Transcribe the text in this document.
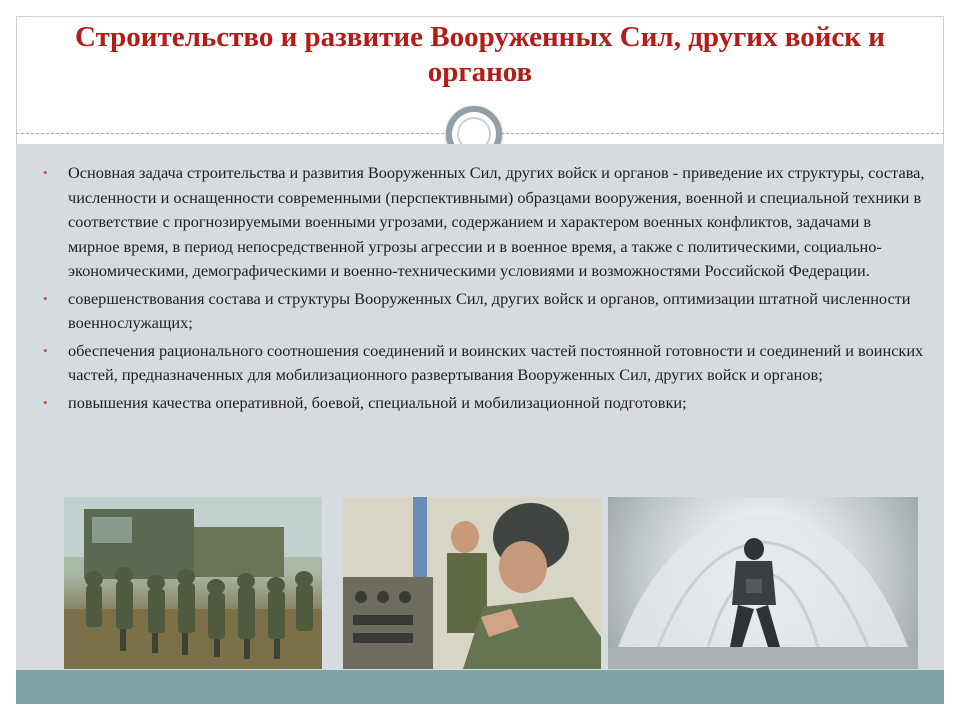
Строительство и развитие Вооруженных Сил, других войск и органов
• Основная задача строительства и развития Вооруженных Сил, других войск и органов - приведение их структуры, состава, численности и оснащенности современными (перспективными) образцами вооружения, военной и специальной техники в соответствие с прогнозируемыми военными угрозами, содержанием и характером военных конфликтов, задачами в мирное время, в период непосредственной угрозы агрессии и в военное время, а также с политическими, социально-экономическими, демографическими и военно-техническими условиями и возможностями Российской Федерации.
• совершенствования состава и структуры Вооруженных Сил, других войск и органов, оптимизации штатной численности военнослужащих;
• обеспечения рационального соотношения соединений и воинских частей постоянной готовности и соединений и воинских частей, предназначенных для мобилизационного развертывания Вооруженных Сил, других войск и органов;
• повышения качества оперативной, боевой, специальной и мобилизационной подготовки;
